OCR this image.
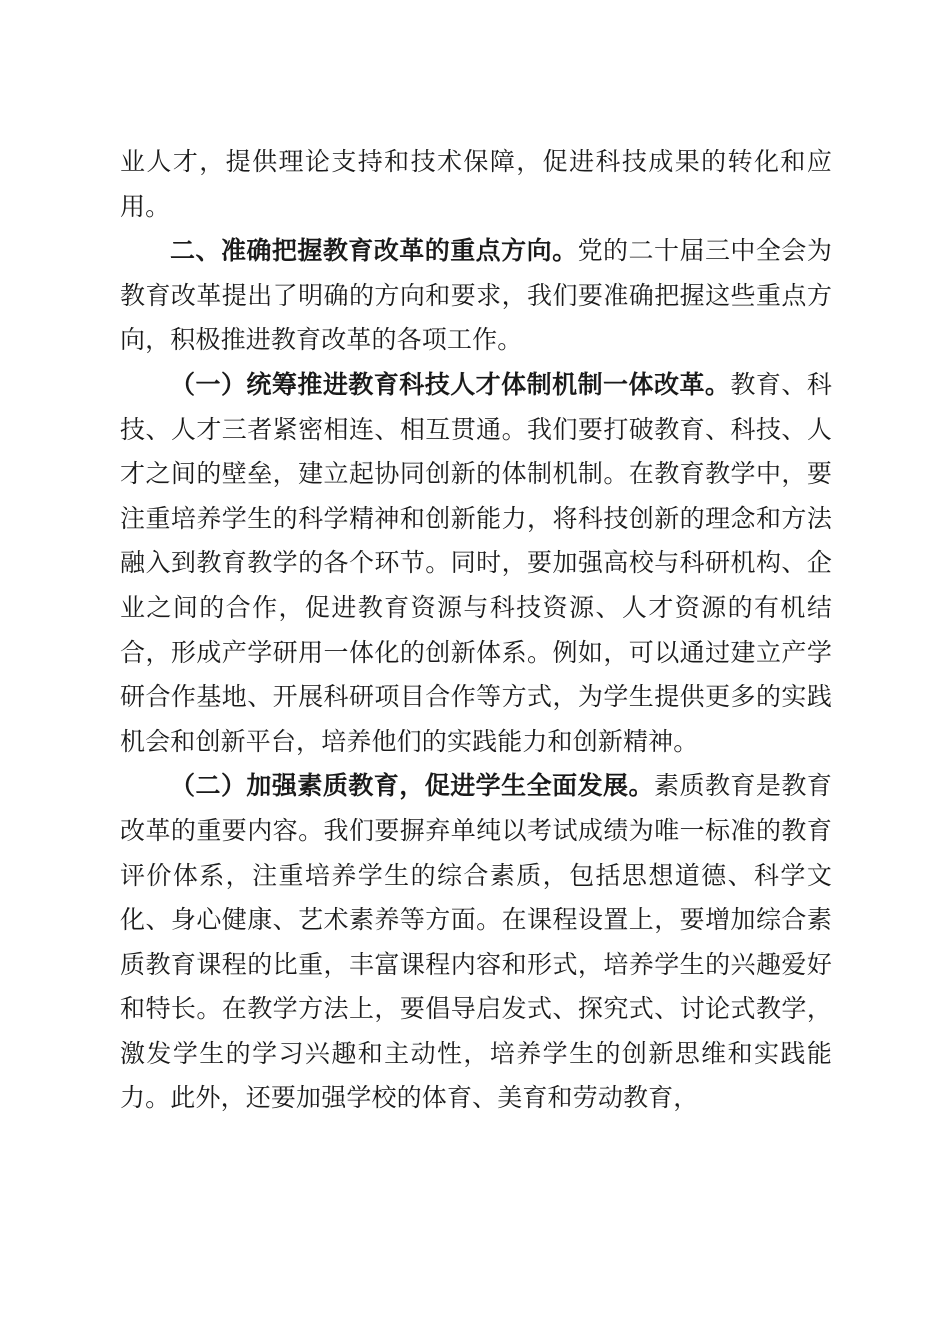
业人才，提供理论支持和技术保障，促进科技成果的转化和应用。

二、准确把握教育改革的重点方向。党的二十届三中全会为教育改革提出了明确的方向和要求，我们要准确把握这些重点方向，积极推进教育改革的各项工作。

（一）统筹推进教育科技人才体制机制一体改革。教育、科技、人才三者紧密相连、相互贯通。我们要打破教育、科技、人才之间的壁垒，建立起协同创新的体制机制。在教育教学中，要注重培养学生的科学精神和创新能力，将科技创新的理念和方法融入到教育教学的各个环节。同时，要加强高校与科研机构、企业之间的合作，促进教育资源与科技资源、人才资源的有机结合，形成产学研用一体化的创新体系。例如，可以通过建立产学研合作基地、开展科研项目合作等方式，为学生提供更多的实践机会和创新平台，培养他们的实践能力和创新精神。

（二）加强素质教育，促进学生全面发展。素质教育是教育改革的重要内容。我们要摒弃单纯以考试成绩为唯一标准的教育评价体系，注重培养学生的综合素质，包括思想道德、科学文化、身心健康、艺术素养等方面。在课程设置上，要增加综合素质教育课程的比重，丰富课程内容和形式，培养学生的兴趣爱好和特长。在教学方法上，要倡导启发式、探究式、讨论式教学，激发学生的学习兴趣和主动性，培养学生的创新思维和实践能力。此外，还要加强学校的体育、美育和劳动教育，
